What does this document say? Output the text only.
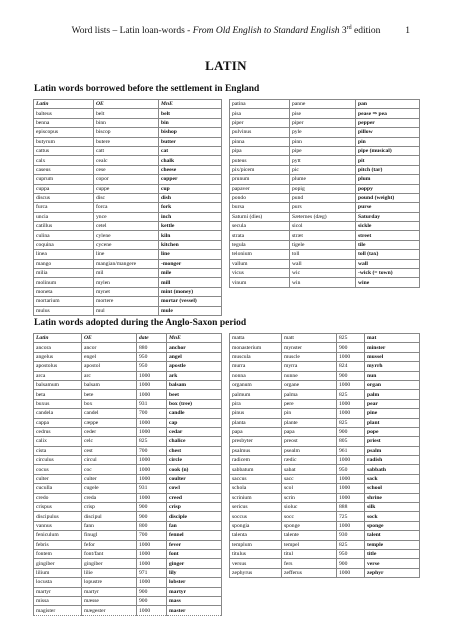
Word lists – Latin loan-words - From Old English to Standard English 3rd edition	1
LATIN
Latin words borrowed before the settlement in England
Latin	OE	MnE
balteus	belt	belt
benna	binn	bin
episcopus	biscop	bishop
butyrum	butere	butter
cattus	catt	cat
calx	cealc	chalk
caseus	cese	cheese
cuprum	copor	copper
cuppa	cuppe	cup
discus	disc	dish
furca	forca	fork
uncia	ynce	inch
catillus	cetel	kettle
culina	cylene	kiln
coquina	cycene	kitchen
linea	line	line
mango	mangian/mangere	-monger
milia	mil	mile
molinum	mylen	mill
moneta	mynet	mint (money)
mortarium	mortere	mortar (vessel)
mulus	mul	mule
patina	panne	pan
pisa	pise	pease ⇒ pea
piper	piper	pepper
pulvinus	pyle	pillow
pinna	pinn	pin
pipa	pipe	pipe (musical)
puteus	pytt	pit
pix/picem	pic	pitch (tar)
prunum	plume	plum
papaver	popig	poppy
pondo	pund	pound (weight)
bursa	purs	purse
Saturni (dies)	Sæternes (dæg)	Saturday
secula	sicol	sickle
strata	stræt	street
tegula	tigele	tile
telonium	toll	toll (tax)
vallum	wall	wall
vicus	wic	-wick (= town)
vinum	win	wine
Latin words adopted during the Anglo-Saxon period
Latin	OE	date	MnE
ancora	ancor	880	anchor
angelus	engel	950	angel
apostolus	apostol	950	apostle
arca	arc	1000	ark
balsamum	balsam	1000	balsam
beta	bete	1000	beet
buxus	box	931	box (tree)
candela	candel	700	candle
cappa	cæppe	1000	cap
cedrus	ceder	1000	cedar
calix	celc	825	chalice
cista	cest	700	chest
circulus	circul	1000	circle
cocus	coc	1000	cook (n)
culter	culter	1000	coulter
cuculla	cugele	931	cowl
credo	creda	1000	creed
crispus	crisp	900	crisp
discipulus	discipul	900	disciple
vannus	fann	800	fan
feniculum	finugl	700	fennel
febris	fefor	1000	fever
fontem	font/fant	1000	font
gingiber	gingiber	1000	ginger
lilium	lilie	971	lily
locusta	lopustre	1000	lobster
martyr	martyr	900	martyr
missa	mæsse	900	mass
magister	mægester	1000	master
matta	matt	825	mat
monasterium	mynster	900	minster
muscula	muscle	1000	mussel
murra	myrra	824	myrrh
nonna	nunne	900	nun
organum	organe	1000	organ
palmum	palma	825	palm
pira	pere	1000	pear
pinus	pin	1000	pine
planta	plante	825	plant
papa	papa	900	pope
presbyter	preost	805	priest
psalmus	psealm	961	psalm
radicem	rædic	1000	radish
sabbatum	sabat	950	sabbath
saccus	sacc	1000	sack
schola	scol	1000	school
scrinium	scrin	1000	shrine
sericus	sioluc	888	silk
soccus	socc	725	sock
spongia	sponge	1000	sponge
talenta	talente	930	talent
templum	tempel	825	temple
titulus	titul	950	title
versus	fers	900	verse
zephyrus	zefferus	1000	zephyr
